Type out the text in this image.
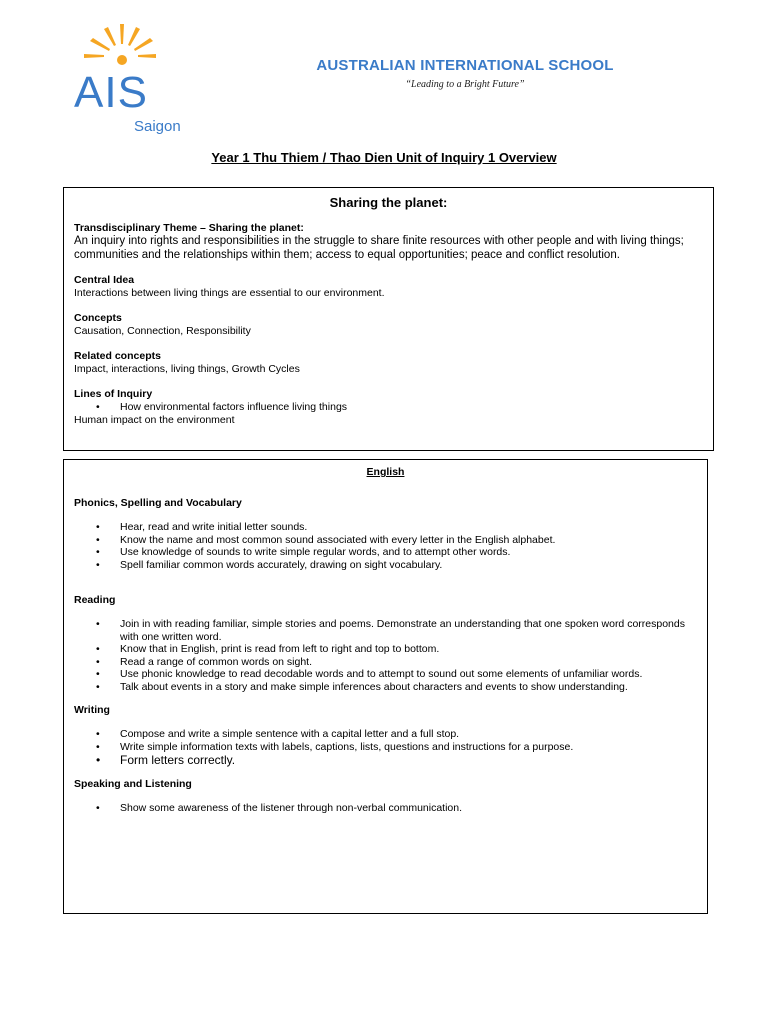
AIS
Saigon
AUSTRALIAN INTERNATIONAL SCHOOL
“Leading to a Bright Future”
Year 1 Thu Thiem / Thao Dien Unit of Inquiry 1 Overview
Sharing the planet:
Transdisciplinary Theme – Sharing the planet:
An inquiry into rights and responsibilities in the struggle to share finite resources with other people and with living things; communities and the relationships within them; access to equal opportunities; peace and conflict resolution.
Central Idea
Interactions between living things are essential to our environment.
Concepts
Causation, Connection, Responsibility
Related concepts
Impact, interactions, living things, Growth Cycles
Lines of Inquiry
• How environmental factors influence living things
Human impact on the environment
English
Phonics, Spelling and Vocabulary
• Hear, read and write initial letter sounds.
• Know the name and most common sound associated with every letter in the English alphabet.
• Use knowledge of sounds to write simple regular words, and to attempt other words.
• Spell familiar common words accurately, drawing on sight vocabulary.
Reading
• Join in with reading familiar, simple stories and poems. Demonstrate an understanding that one spoken word corresponds with one written word.
• Know that in English, print is read from left to right and top to bottom.
• Read a range of common words on sight.
• Use phonic knowledge to read decodable words and to attempt to sound out some elements of unfamiliar words.
• Talk about events in a story and make simple inferences about characters and events to show understanding.
Writing
• Compose and write a simple sentence with a capital letter and a full stop.
• Write simple information texts with labels, captions, lists, questions and instructions for a purpose.
• Form letters correctly.
Speaking and Listening
• Show some awareness of the listener through non-verbal communication.
